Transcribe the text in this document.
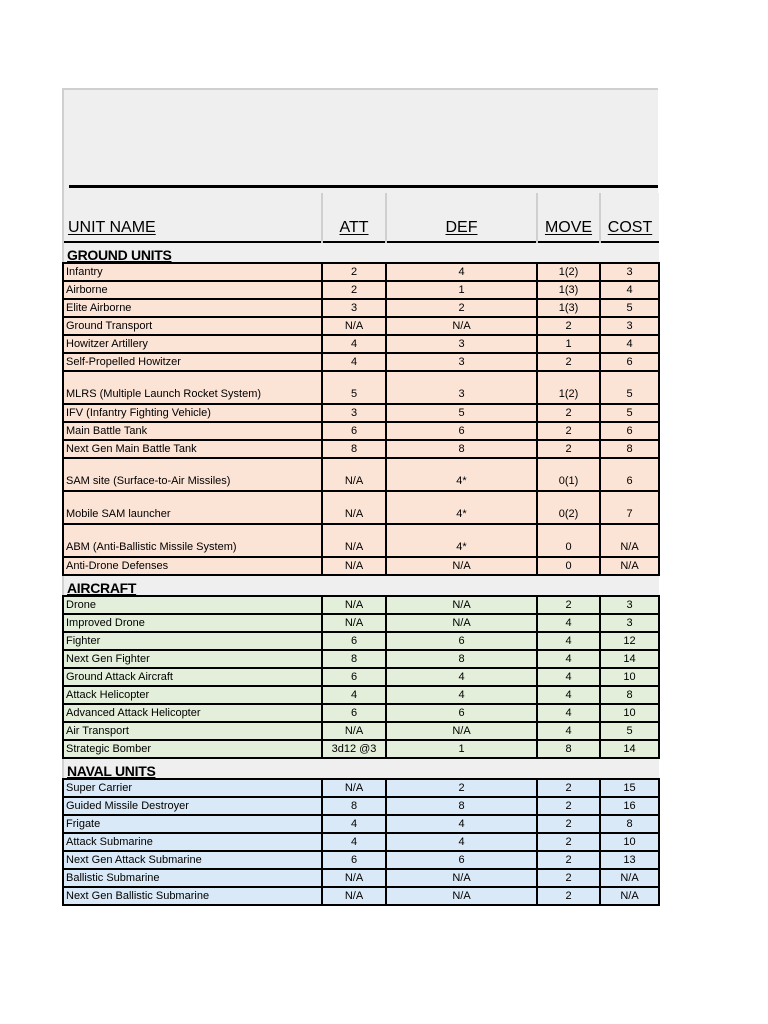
UNIT NAME	ATT	DEF	MOVE	COST
GROUND UNITS				
Infantry	2	4	1(2)	3
Airborne	2	1	1(3)	4
Elite Airborne	3	2	1(3)	5
Ground Transport	N/A	N/A	2	3
Howitzer Artillery	4	3	1	4
Self-Propelled Howitzer	4	3	2	6
MLRS (Multiple Launch Rocket System)	5	3	1(2)	5
IFV (Infantry Fighting Vehicle)	3	5	2	5
Main Battle Tank	6	6	2	6
Next Gen Main Battle Tank	8	8	2	8
SAM site (Surface-to-Air Missiles)	N/A	4*	0(1)	6
Mobile SAM launcher	N/A	4*	0(2)	7
ABM (Anti-Ballistic Missile System)	N/A	4*	0	N/A
Anti-Drone Defenses	N/A	N/A	0	N/A
AIRCRAFT				
Drone	N/A	N/A	2	3
Improved Drone	N/A	N/A	4	3
Fighter	6	6	4	12
Next Gen Fighter	8	8	4	14
Ground Attack Aircraft	6	4	4	10
Attack Helicopter	4	4	4	8
Advanced Attack Helicopter	6	6	4	10
Air Transport	N/A	N/A	4	5
Strategic Bomber	3d12 @3	1	8	14
NAVAL UNITS				
Super Carrier	N/A	2	2	15
Guided Missile Destroyer	8	8	2	16
Frigate	4	4	2	8
Attack Submarine	4	4	2	10
Next Gen Attack Submarine	6	6	2	13
Ballistic Submarine	N/A	N/A	2	N/A
Next Gen Ballistic Submarine	N/A	N/A	2	N/A
